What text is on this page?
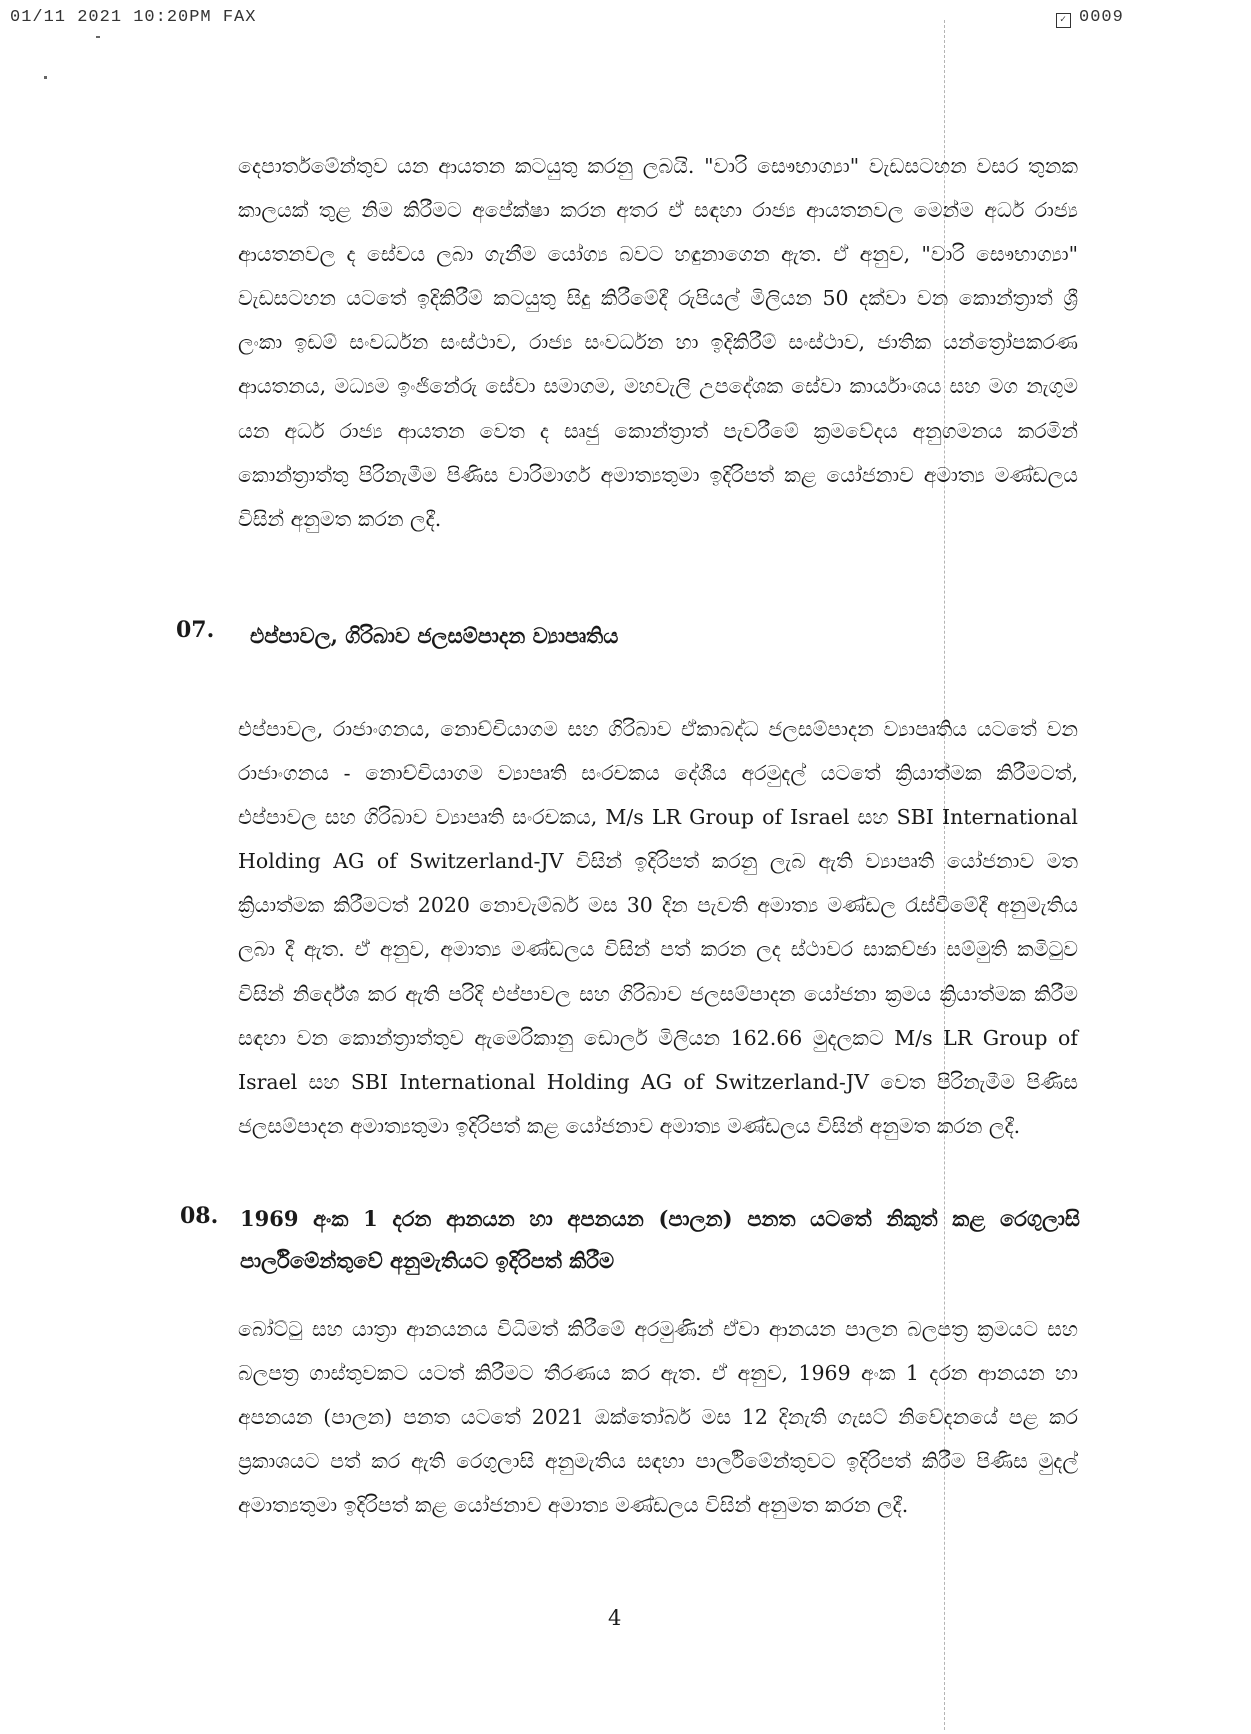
01/11 2021 10:20PM FAX	✓ 0009

දෙපාර්තමේන්තුව යන ආයතන කටයුතු කරනු ලබයි. "වාරි සෞභාග්‍යා" වැඩසටහන වසර තුනක කාලයක් තුළ නිම කිරීමට අපේක්ෂා කරන අතර ඒ සඳහා රාජ්‍ය ආයතනවල මෙන්ම අර්ධ රාජ්‍ය ආයතනවල ද සේවය ලබා ගැනීම යෝග්‍ය බවට හඳුනාගෙන ඇත. ඒ අනුව, "වාරි සෞභාග්‍යා" වැඩසටහන යටතේ ඉදිකිරීම් කටයුතු සිදු කිරීමේදී රුපියල් මිලියන 50 දක්වා වන කොන්ත්‍රාත් ශ්‍රී ලංකා ඉඩම් සංවර්ධන සංස්ථාව, රාජ්‍ය සංවර්ධන හා ඉදිකිරීම් සංස්ථාව, ජාතික යන්ත්‍රෝපකරණ ආයතනය, මධ්‍යම ඉංජිනේරු සේවා සමාගම, මහවැලි උපදේශක සේවා කාර්යාංශය සහ මග නැගුම යන අර්ධ රාජ්‍ය ආයතන වෙත ද සෘජු කොන්ත්‍රාත් පැවරීමේ ක්‍රමවේදය අනුගමනය කරමින් කොන්ත්‍රාත්තු පිරිනැමීම පිණිස වාරිමාර්ග අමාත්‍යතුමා ඉදිරිපත් කළ යෝජනාව අමාත්‍ය මණ්ඩලය විසින් අනුමත කරන ලදී.

07. එප්පාවල, ගිරිබාව ජලසම්පාදන ව්‍යාපෘතිය

එප්පාවල, රාජාංගනය, නොච්චියාගම සහ ගිරිබාව ඒකාබද්ධ ජලසම්පාදන ව්‍යාපෘතිය යටතේ වන රාජාංගනය - නොච්චියාගම ව්‍යාපෘති සංරචකය දේශීය අරමුදල් යටතේ ක්‍රියාත්මක කිරීමටත්, එප්පාවල සහ ගිරිබාව ව්‍යාපෘති සංරචකය, M/s LR Group of Israel සහ SBI International Holding AG of Switzerland-JV විසින් ඉදිරිපත් කරනු ලැබ ඇති ව්‍යාපෘති යෝජනාව මත ක්‍රියාත්මක කිරීමටත් 2020 නොවැම්බර් මස 30 දින පැවති අමාත්‍ය මණ්ඩල රැස්වීමේදී අනුමැතිය ලබා දී ඇත. ඒ අනුව, අමාත්‍ය මණ්ඩලය විසින් පත් කරන ලද ස්ථාවර සාකච්ඡා සම්මුති කමිටුව විසින් නිර්දේශ කර ඇති පරිදි එප්පාවල සහ ගිරිබාව ජලසම්පාදන යෝජනා ක්‍රමය ක්‍රියාත්මක කිරීම සඳහා වන කොන්ත්‍රාත්තුව ඇමෙරිකානු ඩොලර් මිලියන 162.66 මුදලකට M/s LR Group of Israel සහ SBI International Holding AG of Switzerland-JV වෙත පිරිනැමීම පිණිස ජලසම්පාදන අමාත්‍යතුමා ඉදිරිපත් කළ යෝජනාව අමාත්‍ය මණ්ඩලය විසින් අනුමත කරන ලදී.

08. 1969 අංක 1 දරන ආනයන හා අපනයන (පාලන) පනත යටතේ නිකුත් කළ රෙගුලාසි පාර්ලිමේන්තුවේ අනුමැතියට ඉදිරිපත් කිරීම

බෝට්ටු සහ යාත්‍රා ආනයනය විධිමත් කිරීමේ අරමුණින් ඒවා ආනයන පාලන බලපත්‍ර ක්‍රමයට සහ බලපත්‍ර ගාස්තුවකට යටත් කිරීමට තීරණය කර ඇත. ඒ අනුව, 1969 අංක 1 දරන ආනයන හා අපනයන (පාලන) පනත යටතේ 2021 ඔක්තෝබර් මස 12 දිනැති ගැසට් නිවේදනයේ පළ කර ප්‍රකාශයට පත් කර ඇති රෙගුලාසි අනුමැතිය සඳහා පාර්ලිමේන්තුවට ඉදිරිපත් කිරීම පිණිස මුදල් අමාත්‍යතුමා ඉදිරිපත් කළ යෝජනාව අමාත්‍ය මණ්ඩලය විසින් අනුමත කරන ලදී.

4
